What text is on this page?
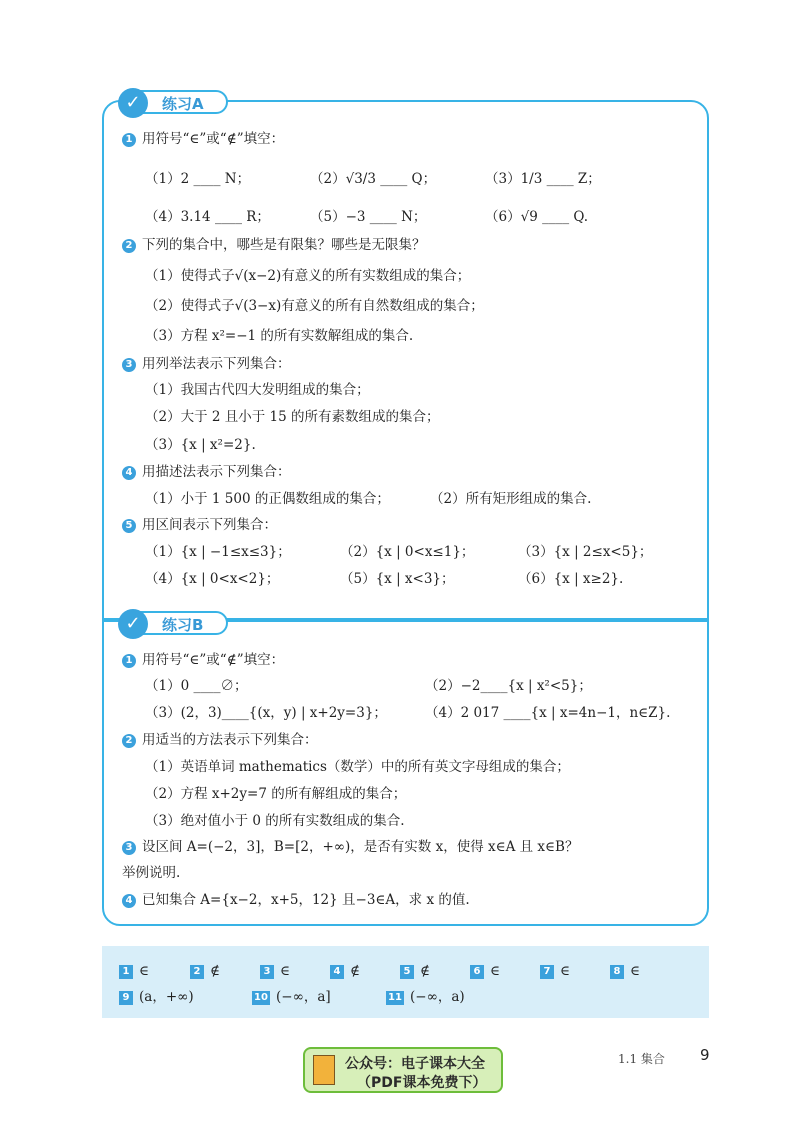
✓	练习A
1 用符号“∈”或“∉”填空：
（1）2 ____ N；	（2）√3/3 ____ Q；	（3）1/3 ____ Z；
（4）3.14 ____ R；	（5）−3 ____ N；	（6）√9 ____ Q.
2 下列的集合中，哪些是有限集？哪些是无限集？
（1）使得式子√(x−2)有意义的所有实数组成的集合；
（2）使得式子√(3−x)有意义的所有自然数组成的集合；
（3）方程 x²=−1 的所有实数解组成的集合.
3 用列举法表示下列集合：
（1）我国古代四大发明组成的集合；
（2）大于 2 且小于 15 的所有素数组成的集合；
（3）{x | x²=2}.
4 用描述法表示下列集合：
（1）小于 1 500 的正偶数组成的集合；	（2）所有矩形组成的集合.
5 用区间表示下列集合：
（1）{x | −1≤x≤3}；	（2）{x | 0<x≤1}；	（3）{x | 2≤x<5}；
（4）{x | 0<x<2}；	（5）{x | x<3}；	（6）{x | x≥2}.
✓	练习B
1 用符号“∈”或“∉”填空：
（1）0 ____∅；	（2）−2____{x | x²<5}；
（3）(2，3)____{(x，y) | x+2y=3}；	（4）2 017 ____{x | x=4n−1，n∈Z}.
2 用适当的方法表示下列集合：
（1）英语单词 mathematics（数学）中的所有英文字母组成的集合；
（2）方程 x+2y=7 的所有解组成的集合；
（3）绝对值小于 0 的所有实数组成的集合.
3 设区间 A=(−2，3]，B=[2，+∞)，是否有实数 x，使得 x∈A 且 x∈B？
举例说明.
4 已知集合 A={x−2，x+5，12} 且−3∈A，求 x 的值.
1 ∈	2 ∉	3 ∈	4 ∉	5 ∉	6 ∈	7 ∈	8 ∈
9 (a，+∞)	10 (−∞，a]	11 (−∞，a)
公众号：电子课本大全
（PDF课本免费下）
1.1 集合 9
